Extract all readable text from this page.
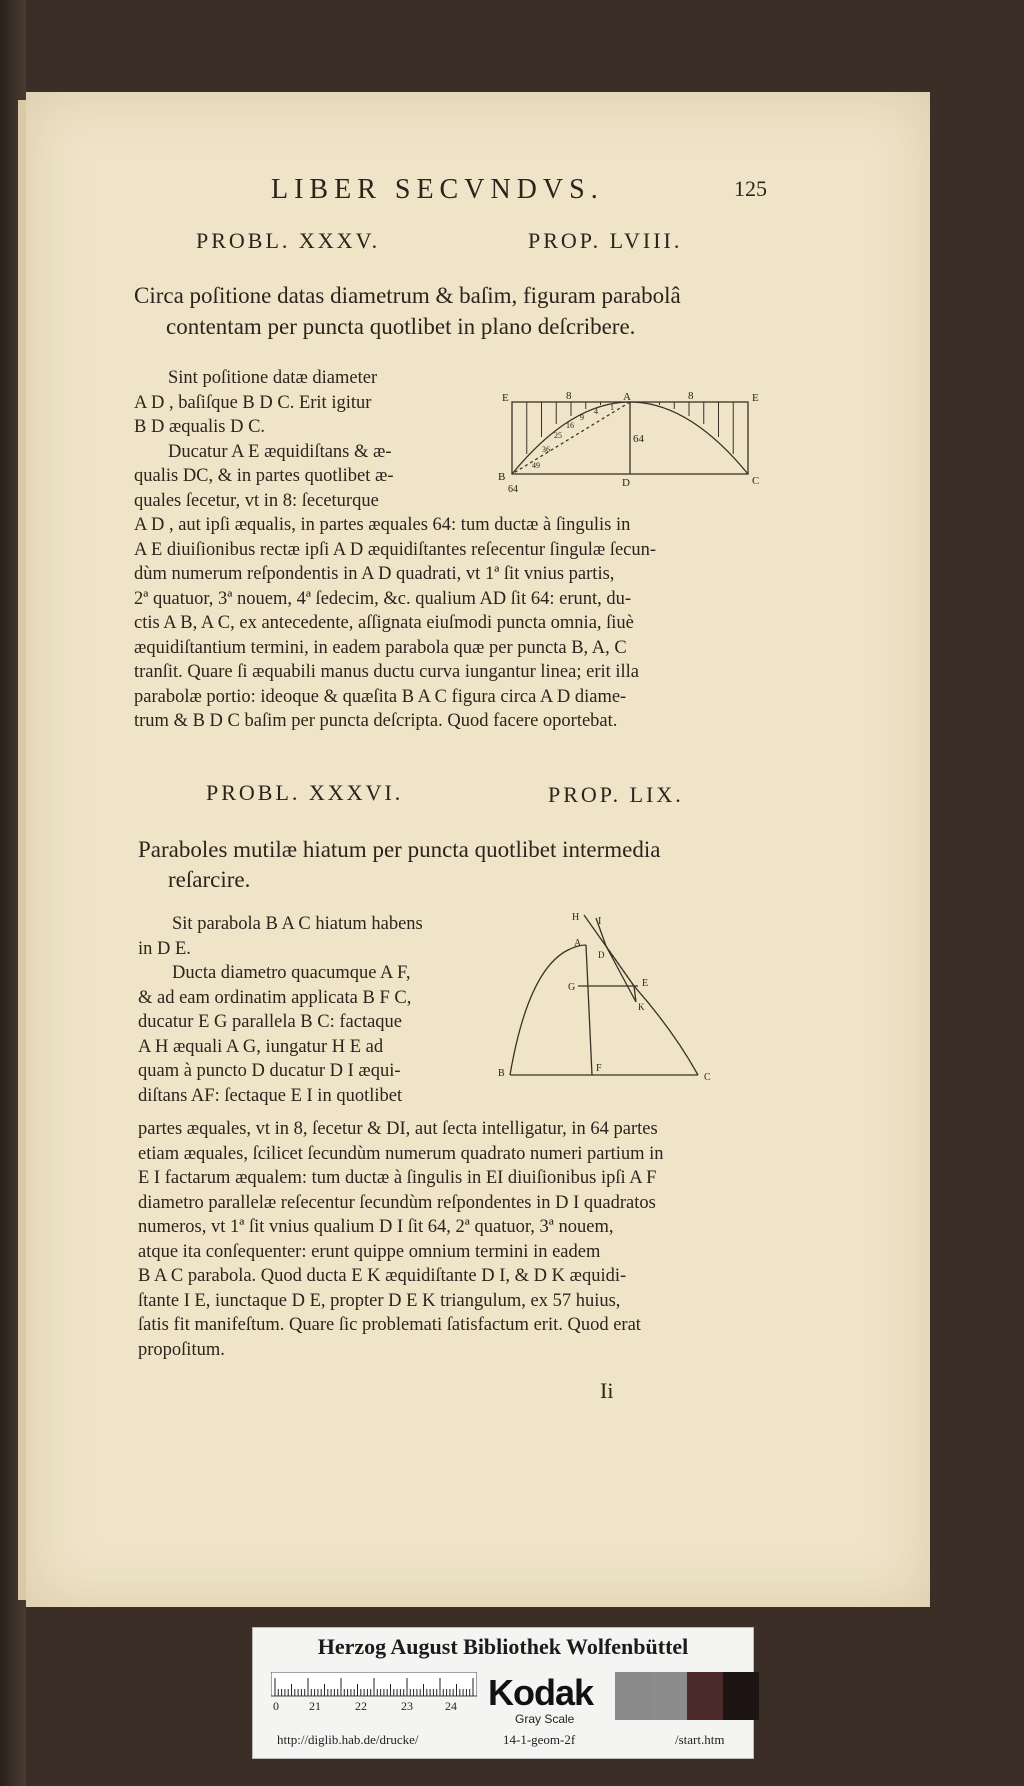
LIBER SECVNDVS.	125
PROBL. XXXV.	PROP. LVIII.
Circa poſitione datas diametrum & baſim, figuram parabolâ
contentam per puncta quotlibet in plano deſcribere.

Sint poſitione datæ diameter

A D , baſiſque B D C. Erit igitur

B D æqualis D C.

Ducatur A E æquidiſtans & æ-

qualis DC, & in partes quotlibet æ-

quales ſecetur, vt in 8: ſeceturque

E	A	E
B	D	C
8	8
64
64
49
36
25
16
9
4 1

A D , aut ipſi æqualis, in partes æquales 64: tum ductæ à ſingulis in

A E diuiſionibus rectæ ipſi A D æquidiſtantes reſecentur ſingulæ ſecun-

dùm numerum reſpondentis in A D quadrati, vt 1ª ſit vnius partis,

2ª quatuor, 3ª nouem, 4ª ſedecim, &c. qualium AD ſit 64: erunt, du-

ctis A B, A C, ex antecedente, aſſignata eiuſmodi puncta omnia, ſiuè

æquidiſtantium termini, in eadem parabola quæ per puncta B, A, C

tranſit. Quare ſi æquabili manus ductu curva iungantur linea; erit illa

parabolæ portio: ideoque & quæſita B A C figura circa A D diame-

trum & B D C baſim per puncta deſcripta. Quod facere oportebat.

PROBL. XXXVI.	PROP. LIX.
Paraboles mutilæ hiatum per puncta quotlibet intermedia
reſarcire.

Sit parabola B A C hiatum habens

in D E.

Ducta diametro quacumque A F,

& ad eam ordinatim applicata B F C,

ducatur E G parallela B C: factaque

A H æquali A G, iungatur H E ad

quam à puncto D ducatur D I æqui-

diſtans AF: ſectaque E I in quotlibet

H I
A
D
G	E
K
B	F
C

partes æquales, vt in 8, ſecetur & DI, aut ſecta intelligatur, in 64 partes

etiam æquales, ſcilicet ſecundùm numerum quadrato numeri partium in

E I factarum æqualem: tum ductæ à ſingulis in EI diuiſionibus ipſi A F

diametro parallelæ reſecentur ſecundùm reſpondentes in D I quadratos

numeros, vt 1ª ſit vnius qualium D I ſit 64, 2ª quatuor, 3ª nouem,

atque ita conſequenter: erunt quippe omnium termini in eadem

B A C parabola. Quod ducta E K æquidiſtante D I, & D K æquidi-

ſtante I E, iunctaque D E, propter D E K triangulum, ex 57 huius,

ſatis fit manifeſtum. Quare ſic problemati ſatisfactum erit. Quod erat

propoſitum.

Ii
Herzog August Bibliothek Wolfenbüttel
0	21	22	23	24 Kodak
Gray Scale
http://diglib.hab.de/drucke/	14-1-geom-2f	/start.htm
